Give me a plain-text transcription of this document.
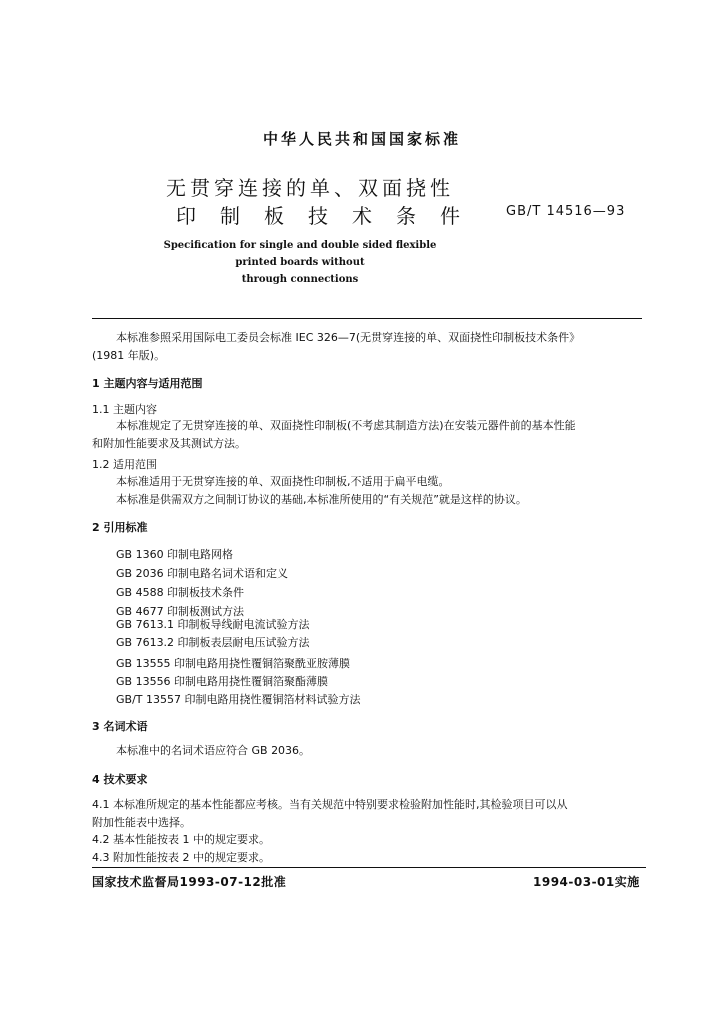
中华人民共和国国家标准
无贯穿连接的单、双面挠性
印制板技术条件 GB/T 14516—93
Specification for single and double sided flexible
printed boards without
through connections
本标准参照采用国际电工委员会标准 IEC 326—7(无贯穿连接的单、双面挠性印制板技术条件》
(1981 年版)。
1 主题内容与适用范围
1.1 主题内容
本标准规定了无贯穿连接的单、双面挠性印制板(不考虑其制造方法)在安装元器件前的基本性能
和附加性能要求及其测试方法。
1.2 适用范围
本标准适用于无贯穿连接的单、双面挠性印制板,不适用于扁平电缆。
本标准是供需双方之间制订协议的基础,本标准所使用的“有关规范”就是这样的协议。
2 引用标准
GB 1360 印制电路网格
GB 2036 印制电路名词术语和定义
GB 4588 印制板技术条件
GB 4677 印制板测试方法
GB 7613.1 印制板导线耐电流试验方法
GB 7613.2 印制板表层耐电压试验方法
GB 13555 印制电路用挠性覆铜箔聚酰亚胺薄膜
GB 13556 印制电路用挠性覆铜箔聚酯薄膜
GB/T 13557 印制电路用挠性覆铜箔材料试验方法
3 名词术语
本标准中的名词术语应符合 GB 2036。
4 技术要求
4.1 本标准所规定的基本性能都应考核。当有关规范中特别要求检验附加性能时,其检验项目可以从
附加性能表中选择。
4.2 基本性能按表 1 中的规定要求。
4.3 附加性能按表 2 中的规定要求。
国家技术监督局1993-07-12批准	1994-03-01实施
